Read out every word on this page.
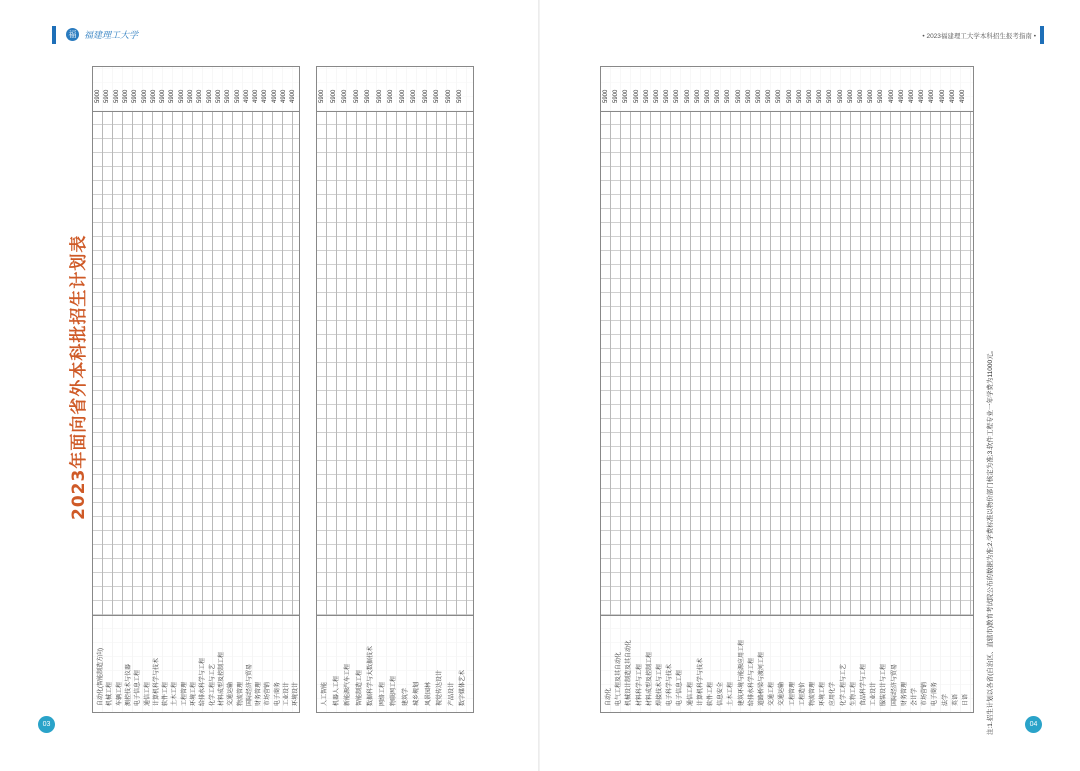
福 福建理工大学
2023年面向省外本科批招生计划表
自动化(智能制造方向)
5900
机械工程
5900
车辆工程
5900
测控技术与仪器
5900
电子信息工程
5900
通信工程
5900
计算机科学与技术
5900
软件工程
5900
土木工程
5900
工程管理
5900
环境工程
5900
给排水科学与工程
5900
化学工程与工艺
5900
材料成型及控制工程
5900
交通运输
5900
物流管理
5900
国际经济与贸易
4900
财务管理
4900
市场营销
4900
电子商务
4900
工业设计
4900
环境设计
4900
人工智能
5900
机器人工程
5900
新能源汽车工程
5900
智能制造工程
5900
数据科学与大数据技术
5900
网络工程
5900
物联网工程
5900
建筑学
5900
城乡规划
5900
风景园林
5900
视觉传达设计
5900
产品设计
5900
数字媒体艺术
5900
03
• 2023福建理工大学本科招生报考指南 •
自动化
5900
电气工程及其自动化
5900
机械设计制造及其自动化
5900
材料科学与工程
5900
材料成型及控制工程
5900
焊接技术与工程
5900
电子科学与技术
5900
电子信息工程
5900
通信工程
5900
计算机科学与技术
5900
软件工程
5900
信息安全
5900
土木工程
5900
建筑环境与能源应用工程
5900
给排水科学与工程
5900
道路桥梁与渡河工程
5900
交通工程
5900
交通运输
5900
工程管理
5900
工程造价
5900
物流管理
5900
环境工程
5900
应用化学
5900
化学工程与工艺
5900
生物工程
5900
食品科学与工程
5900
工业设计
5900
服装设计与工程
5900
国际经济与贸易
4900
财务管理
4900
会计学
4900
市场营销
4900
电子商务
4900
法学
4900
英语
4900
日语
4900
04
注:1.招生计划以各省(自治区、直辖市)教育考试院公布的数据为准;2.学费标准以物价部门核定为准;3.软件工程专业一年学费为11000元。
